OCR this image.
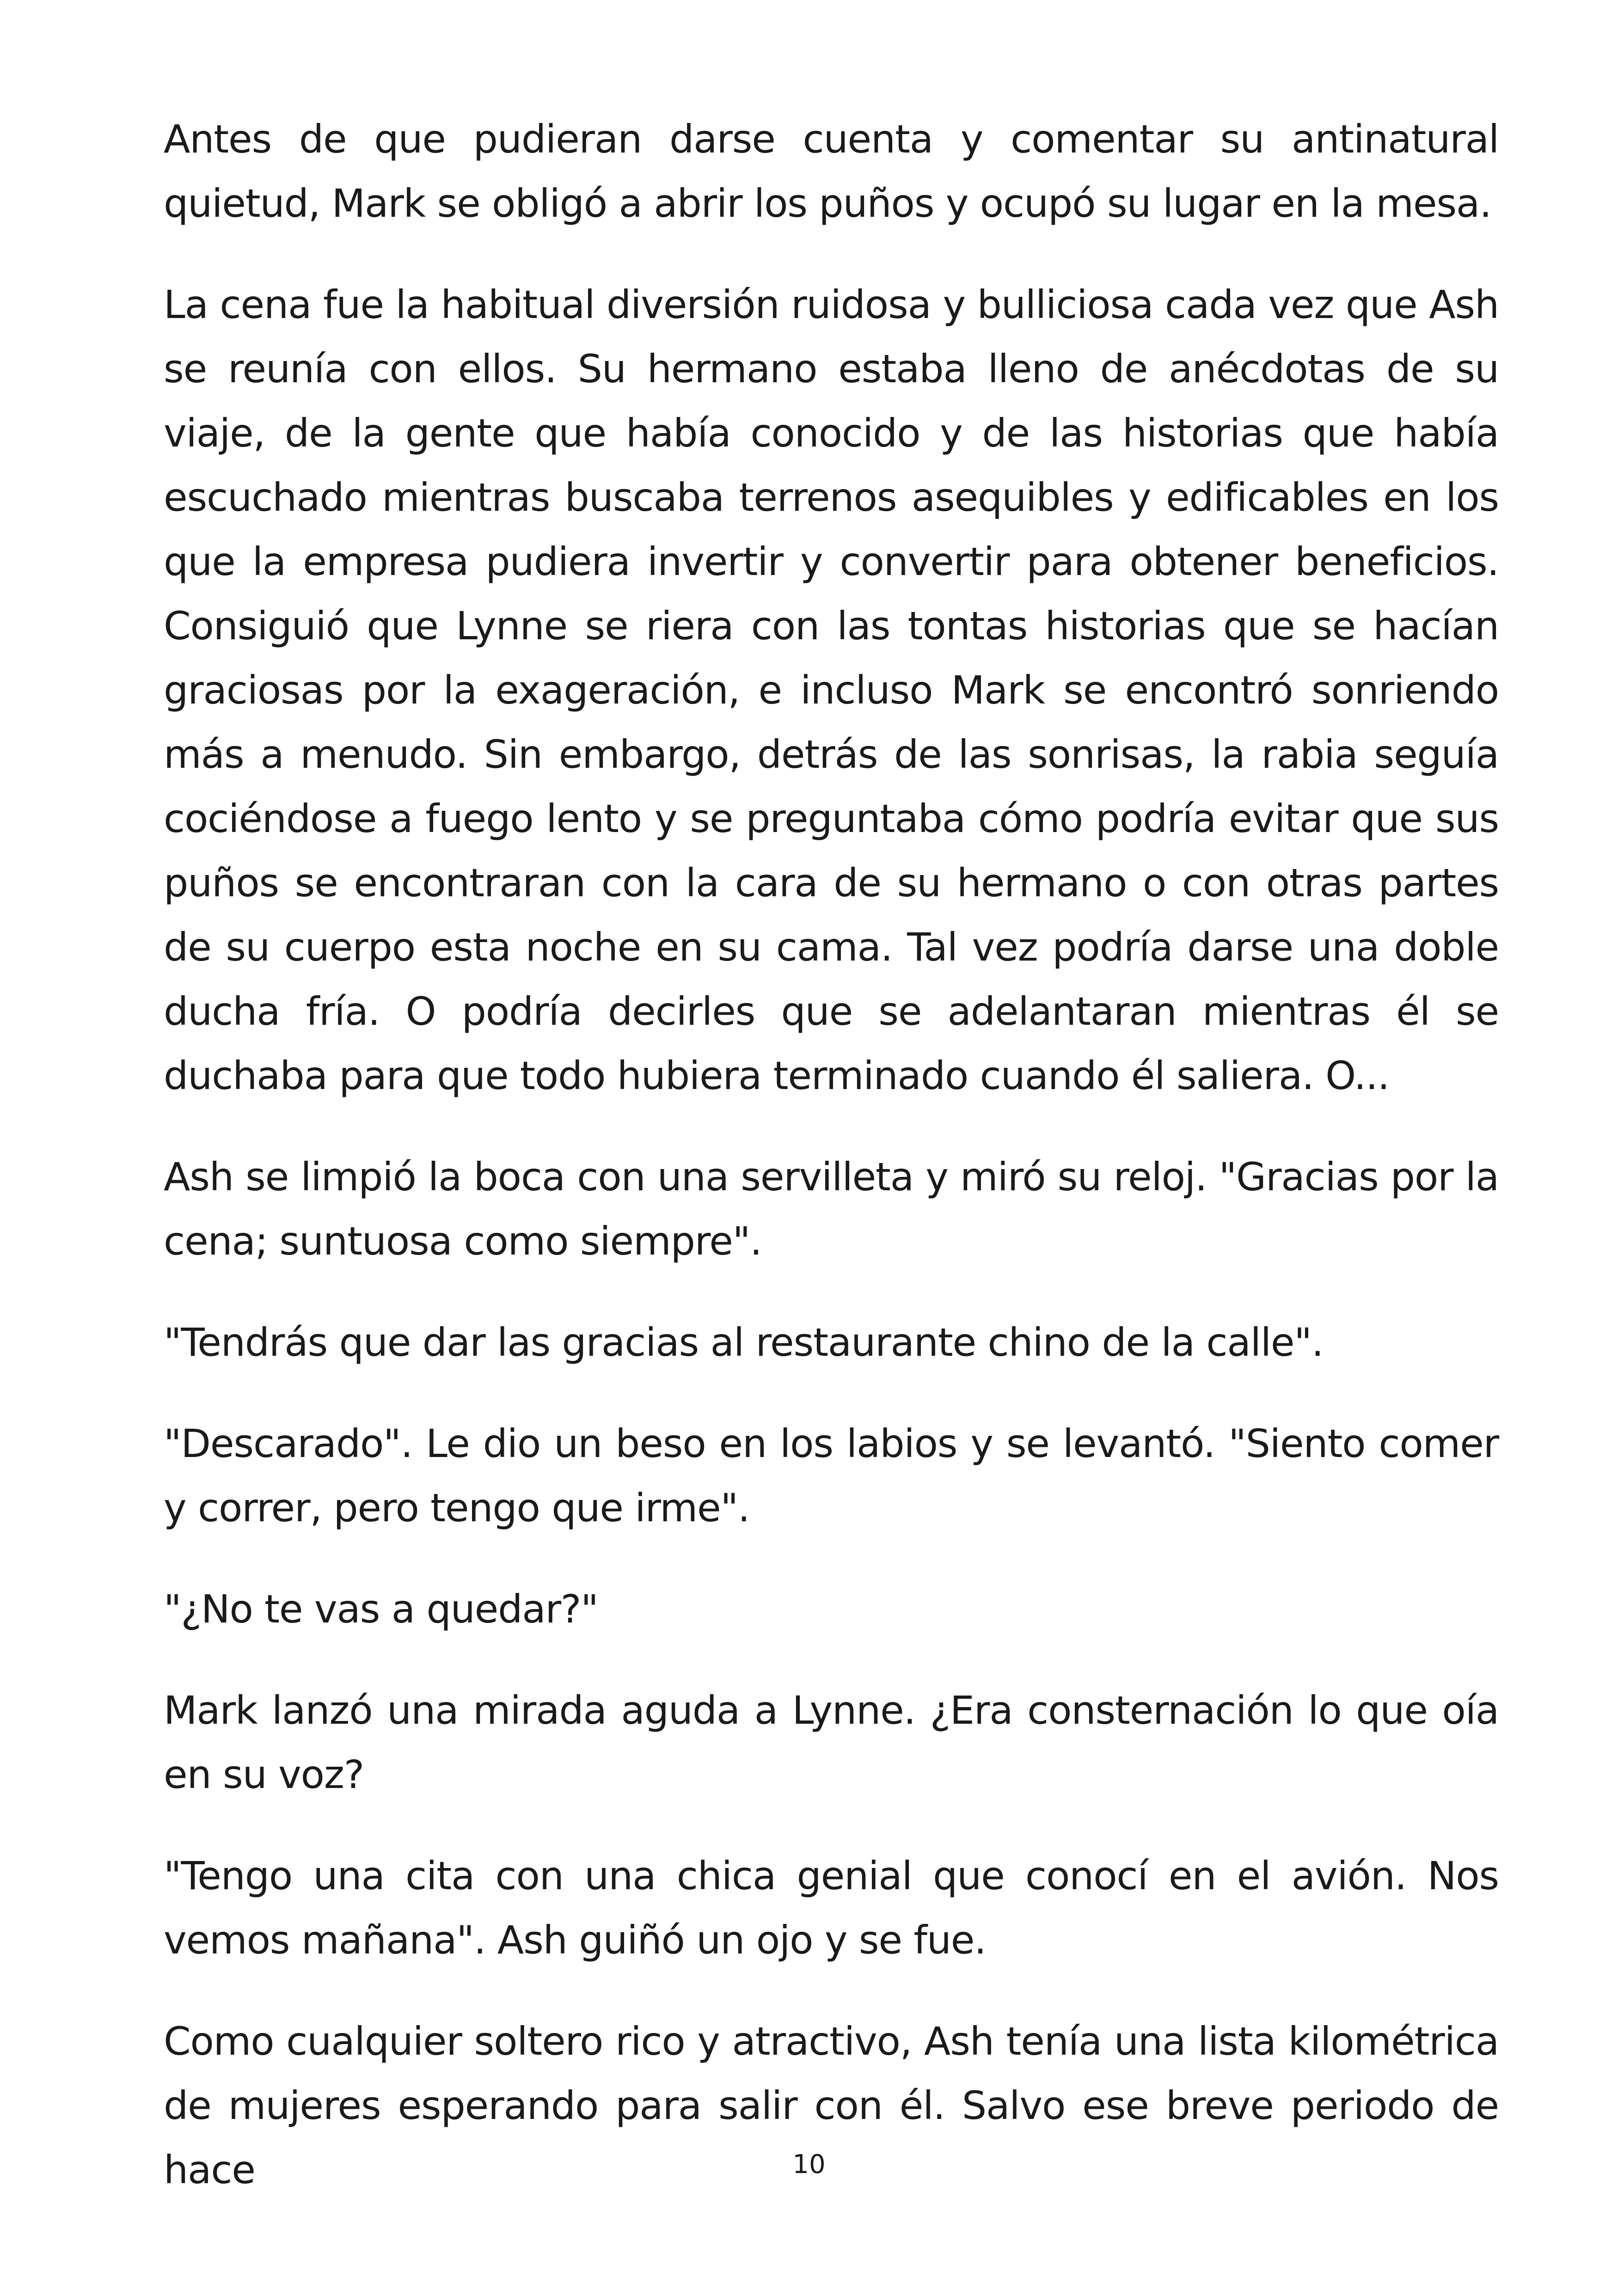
Antes de que pudieran darse cuenta y comentar su antinatural quietud, Mark se obligó a abrir los puños y ocupó su lugar en la mesa.

La cena fue la habitual diversión ruidosa y bulliciosa cada vez que Ash se reunía con ellos. Su hermano estaba lleno de anécdotas de su viaje, de la gente que había conocido y de las historias que había escuchado mientras buscaba terrenos asequibles y edificables en los que la empresa pudiera invertir y convertir para obtener beneficios. Consiguió que Lynne se riera con las tontas historias que se hacían graciosas por la exageración, e incluso Mark se encontró sonriendo más a menudo. Sin embargo, detrás de las sonrisas, la rabia seguía cociéndose a fuego lento y se preguntaba cómo podría evitar que sus puños se encontraran con la cara de su hermano o con otras partes de su cuerpo esta noche en su cama. Tal vez podría darse una doble ducha fría. O podría decirles que se adelantaran mientras él se duchaba para que todo hubiera terminado cuando él saliera. O...

Ash se limpió la boca con una servilleta y miró su reloj. "Gracias por la cena; suntuosa como siempre".

"Tendrás que dar las gracias al restaurante chino de la calle".

"Descarado". Le dio un beso en los labios y se levantó. "Siento comer y correr, pero tengo que irme".

"¿No te vas a quedar?"

Mark lanzó una mirada aguda a Lynne. ¿Era consternación lo que oía en su voz?

"Tengo una cita con una chica genial que conocí en el avión. Nos vemos mañana". Ash guiñó un ojo y se fue.

Como cualquier soltero rico y atractivo, Ash tenía una lista kilométrica de mujeres esperando para salir con él. Salvo ese breve periodo de hace	10
